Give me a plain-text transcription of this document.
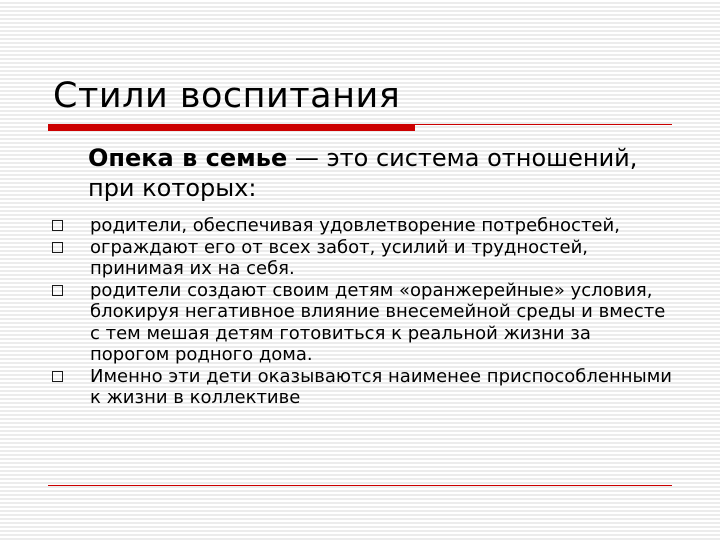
Стили воспитания
Опека в семье — это система отношений, при которых:
родители, обеспечивая удовлетворение потребностей,
ограждают его от всех забот, усилий и трудностей, принимая их на себя.
родители создают своим детям «оранжерейные» условия, блокируя негативное влияние внесемейной среды и вместе с тем мешая детям готовиться к реальной жизни за порогом родного дома.
Именно эти дети оказываются наименее приспособленными к жизни в коллективе
